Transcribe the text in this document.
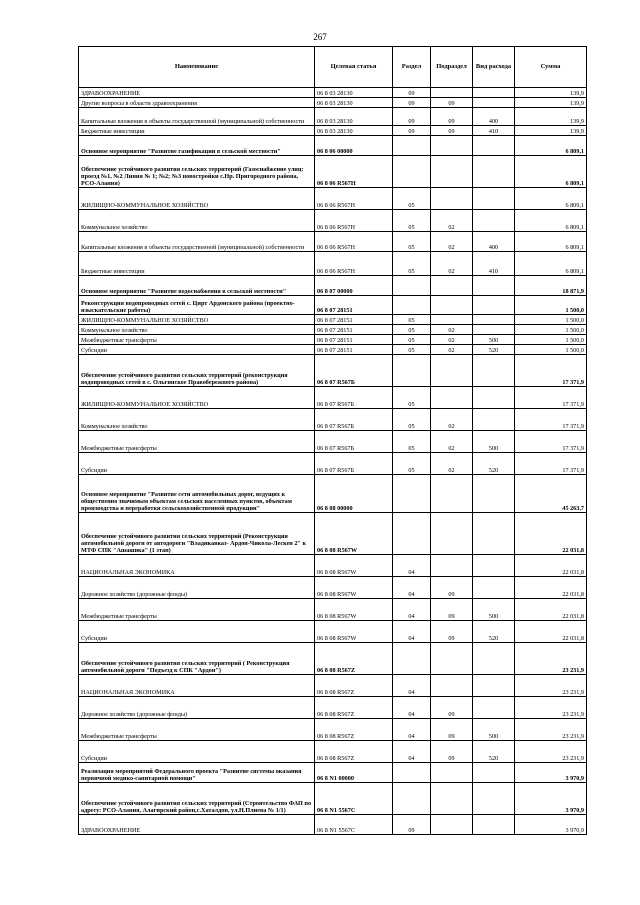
267
Наименование	Целевая статья	Раздел	Подраздел	Вид расхода	Сумма
ЗДРАВООХРАНЕНИЕ	06 8 03 28130	09			139,9
Другие вопросы в области здравоохранения	06 8 03 28130	09	09		139,9
Капитальные вложения в объекты государственной (муниципальной) собственности	06 8 03 28130	09	09	400	139,9
Бюджетные инвестиции	06 8 03 28130	09	09	410	139,9
Основное мероприятие "Развитие газификации в сельской местности"	06 8 06 00000				6 809,1
Обеспечение устойчивого развития сельских территорий (Газоснабжение улиц: проезд №1, №2 Линия № 1; №2; №3 новостройки с.Нр. Пригородного района, РСО-Алания)	06 8 06 R567Н				6 809,1
ЖИЛИЩНО-КОММУНАЛЬНОЕ ХОЗЯЙСТВО	06 8 06 R567Н	05			6 809,1
Коммунальное хозяйство	06 8 06 R567Н	05	02		6 809,1
Капитальные вложения в объекты государственной (муниципальной) собственности	06 8 06 R567Н	05	02	400	6 809,1
Бюджетные инвестиции	06 8 06 R567Н	05	02	410	6 809,1
Основное мероприятие "Развитие водоснабжения в сельской местности"	06 8 07 00000				18 871,9
Реконструкция водопроводных сетей с. Цирт Ардонского района (проектно-изыскательские работы)	06 8 07 28151				1 500,0
ЖИЛИЩНО-КОММУНАЛЬНОЕ ХОЗЯЙСТВО	06 8 07 28151	05			1 500,0
Коммунальное хозяйство	06 8 07 28151	05	02		1 500,0
Межбюджетные трансферты	06 8 07 28151	05	02	500	1 500,0
Субсидии	06 8 07 28151	05	02	520	1 500,0
Обеспечение устойчивого развития сельских территорий (реконструкция водопроводных сетей в с. Ольгинское Правобережного района)	06 8 07 R567Б				17 371,9
ЖИЛИЩНО-КОММУНАЛЬНОЕ ХОЗЯЙСТВО	06 8 07 R567Б	05			17 371,9
Коммунальное хозяйство	06 8 07 R567Б	05	02		17 371,9
Межбюджетные трансферты	06 8 07 R567Б	05	02	500	17 371,9
Субсидии	06 8 07 R567Б	05	02	520	17 371,9
Основное мероприятие "Развитие сети автомобильных дорог, ведущих к общественно значимым объектам сельских населенных пунктов, объектам производства и переработки сельскохозяйственной продукции"	06 8 08 00000				45 263,7
Обеспечение устойчивого развития сельских территорий (Реконструкция автомобильной дороги от автодороги "Владикавказ- Ардон-Чикола-Лескен 2" к МТФ СПК "Ашашика" (1 этап)	06 8 08 R567W				22 031,8
НАЦИОНАЛЬНАЯ ЭКОНОМИКА	06 8 08 R567W	04			22 031,8
Дорожное хозяйство (дорожные фонды)	06 8 08 R567W	04	09		22 031,8
Межбюджетные трансферты	06 8 08 R567W	04	09	500	22 031,8
Субсидии	06 8 08 R567W	04	09	520	22 031,8
Обеспечение устойчивого развития сельских территорий ( Реконструкция автомобильной дороги "Подъезд к СПК "Ардон")	06 8 08 R567Z				23 231,9
НАЦИОНАЛЬНАЯ ЭКОНОМИКА	06 8 08 R567Z	04			23 231,9
Дорожное хозяйство (дорожные фонды)	06 8 08 R567Z	04	09		23 231,9
Межбюджетные трансферты	06 8 08 R567Z	04	09	500	23 231,9
Субсидии	06 8 08 R567Z	04	09	520	23 231,9
Реализация мероприятий Федерального проекта "Развитие системы оказания первичной медико-санитарной помощи"	06 8 N1 00000				3 970,9
Обеспечение устойчивого развития сельских территорий (Строительство ФАП по адресу: РСО-Алания, Алагирский район,с.Хаталдон, ул.Н.Плиева № 1/1)	06 8 N1 5567С				3 970,9
ЗДРАВООХРАНЕНИЕ	06 8 N1 5567С	09			3 970,9
